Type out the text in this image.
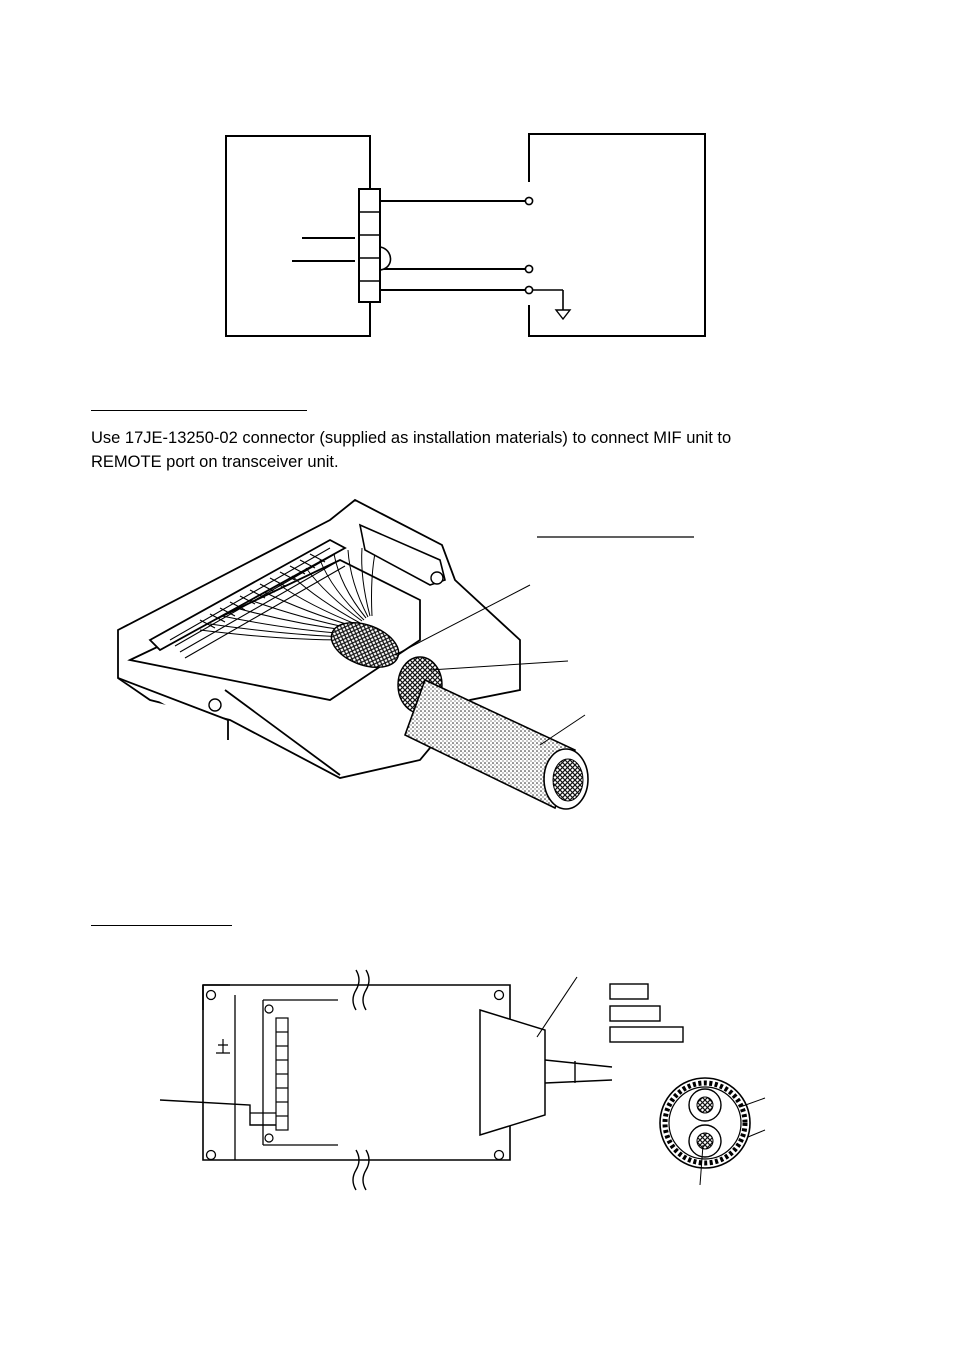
Use 17JE-13250-02 connector (supplied as installation materials) to connect MIF unit to
REMOTE port on transceiver unit.
